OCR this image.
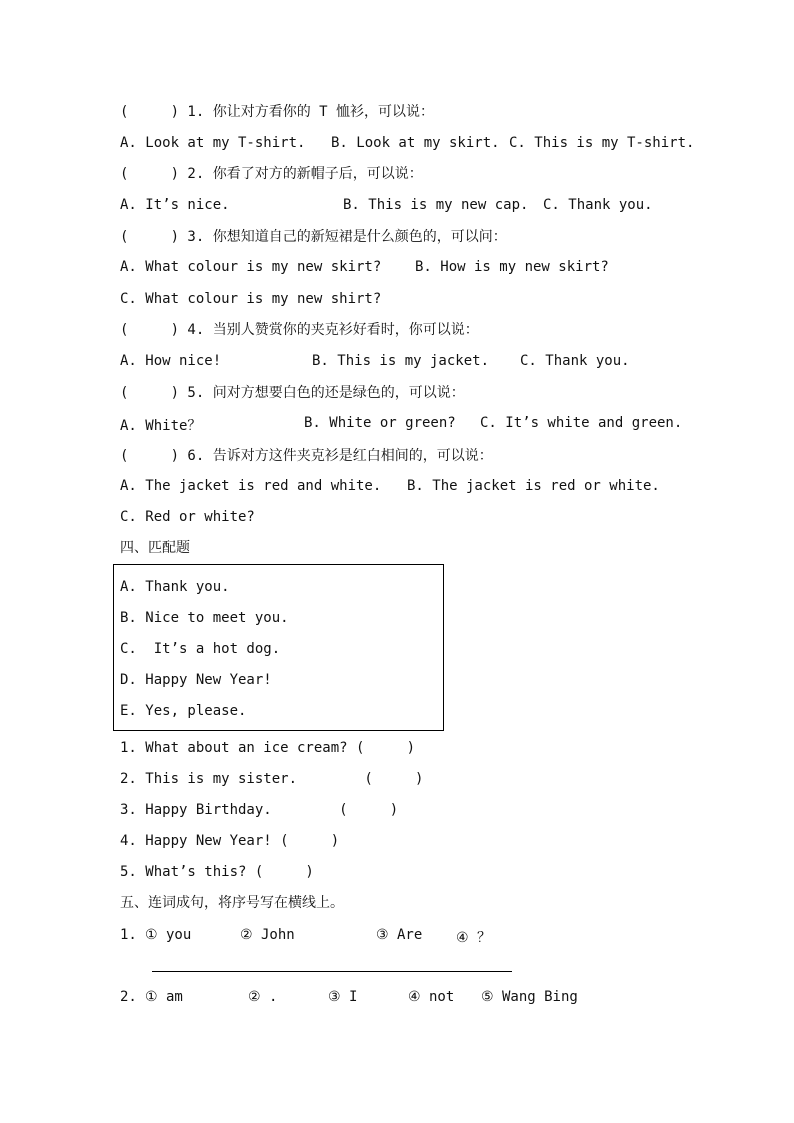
(     ) 1. 你让对方看你的 T 恤衫，可以说：
A. Look at my T-shirt. B. Look at my skirt. C. This is my T-shirt.
(     ) 2. 你看了对方的新帽子后，可以说：
A. It’s nice.	B. This is my new cap. C. Thank you.
(     ) 3. 你想知道自己的新短裙是什么颜色的，可以问：
A. What colour is my new skirt? B. How is my new skirt?
C. What colour is my new shirt?
(     ) 4. 当别人赞赏你的夹克衫好看时，你可以说：
A. How nice!	B. This is my jacket. C. Thank you.
(     ) 5. 问对方想要白色的还是绿色的，可以说：
A. White？	B. White or green? C. It’s white and green.
(     ) 6. 告诉对方这件夹克衫是红白相间的，可以说：
A. The jacket is red and white. B. The jacket is red or white.
C. Red or white?
四、匹配题
A. Thank you.
B. Nice to meet you.
C.  It’s a hot dog.
D. Happy New Year!
E. Yes, please.
1. What about an ice cream? (     )
2. This is my sister.        (     )
3. Happy Birthday.        (     )
4. Happy New Year! (     )
5. What’s this? (     )
五、连词成句，将序号写在横线上。
1. ① you	② John	③ Are ④ ？
2. ① am	② .	③ I	④ not ⑤ Wang Bing
